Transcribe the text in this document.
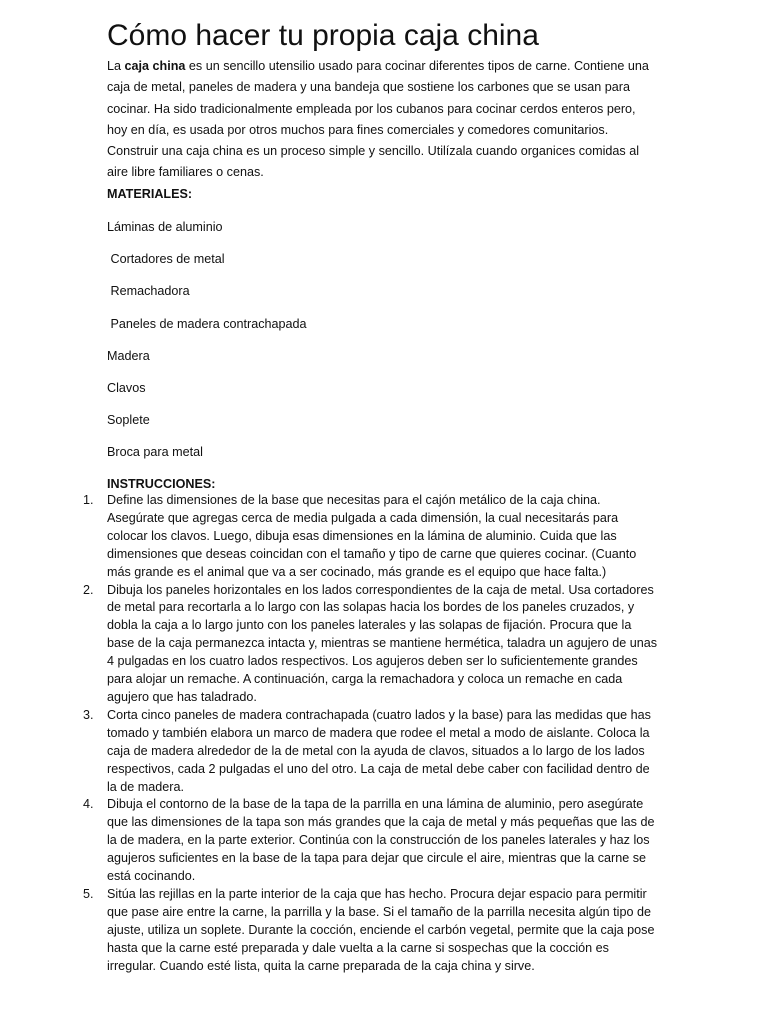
Cómo hacer tu propia caja china

La caja china es un sencillo utensilio usado para cocinar diferentes tipos de carne. Contiene una caja de metal, paneles de madera y una bandeja que sostiene los carbones que se usan para cocinar. Ha sido tradicionalmente empleada por los cubanos para cocinar cerdos enteros pero, hoy en día, es usada por otros muchos para fines comerciales y comedores comunitarios. Construir una caja china es un proceso simple y sencillo. Utilízala cuando organices comidas al aire libre familiares o cenas.

MATERIALES:
Láminas de aluminio
Cortadores de metal
Remachadora
Paneles de madera contrachapada
Madera
Clavos
Soplete
Broca para metal
INSTRUCCIONES:
1. Define las dimensiones de la base que necesitas para el cajón metálico de la caja china. Asegúrate que agregas cerca de media pulgada a cada dimensión, la cual necesitarás para colocar los clavos. Luego, dibuja esas dimensiones en la lámina de aluminio. Cuida que las dimensiones que deseas coincidan con el tamaño y tipo de carne que quieres cocinar. (Cuanto más grande es el animal que va a ser cocinado, más grande es el equipo que hace falta.)
2. Dibuja los paneles horizontales en los lados correspondientes de la caja de metal. Usa cortadores de metal para recortarla a lo largo con las solapas hacia los bordes de los paneles cruzados, y dobla la caja a lo largo junto con los paneles laterales y las solapas de fijación. Procura que la base de la caja permanezca intacta y, mientras se mantiene hermética, taladra un agujero de unas 4 pulgadas en los cuatro lados respectivos. Los agujeros deben ser lo suficientemente grandes para alojar un remache. A continuación, carga la remachadora y coloca un remache en cada agujero que has taladrado.
3. Corta cinco paneles de madera contrachapada (cuatro lados y la base) para las medidas que has tomado y también elabora un marco de madera que rodee el metal a modo de aislante. Coloca la caja de madera alrededor de la de metal con la ayuda de clavos, situados a lo largo de los lados respectivos, cada 2 pulgadas el uno del otro. La caja de metal debe caber con facilidad dentro de la de madera.
4. Dibuja el contorno de la base de la tapa de la parrilla en una lámina de aluminio, pero asegúrate que las dimensiones de la tapa son más grandes que la caja de metal y más pequeñas que las de la de madera, en la parte exterior. Continúa con la construcción de los paneles laterales y haz los agujeros suficientes en la base de la tapa para dejar que circule el aire, mientras que la carne se está cocinando.
5. Sitúa las rejillas en la parte interior de la caja que has hecho. Procura dejar espacio para permitir que pase aire entre la carne, la parrilla y la base. Si el tamaño de la parrilla necesita algún tipo de ajuste, utiliza un soplete. Durante la cocción, enciende el carbón vegetal, permite que la caja pose hasta que la carne esté preparada y dale vuelta a la carne si sospechas que la cocción es irregular. Cuando esté lista, quita la carne preparada de la caja china y sirve.
